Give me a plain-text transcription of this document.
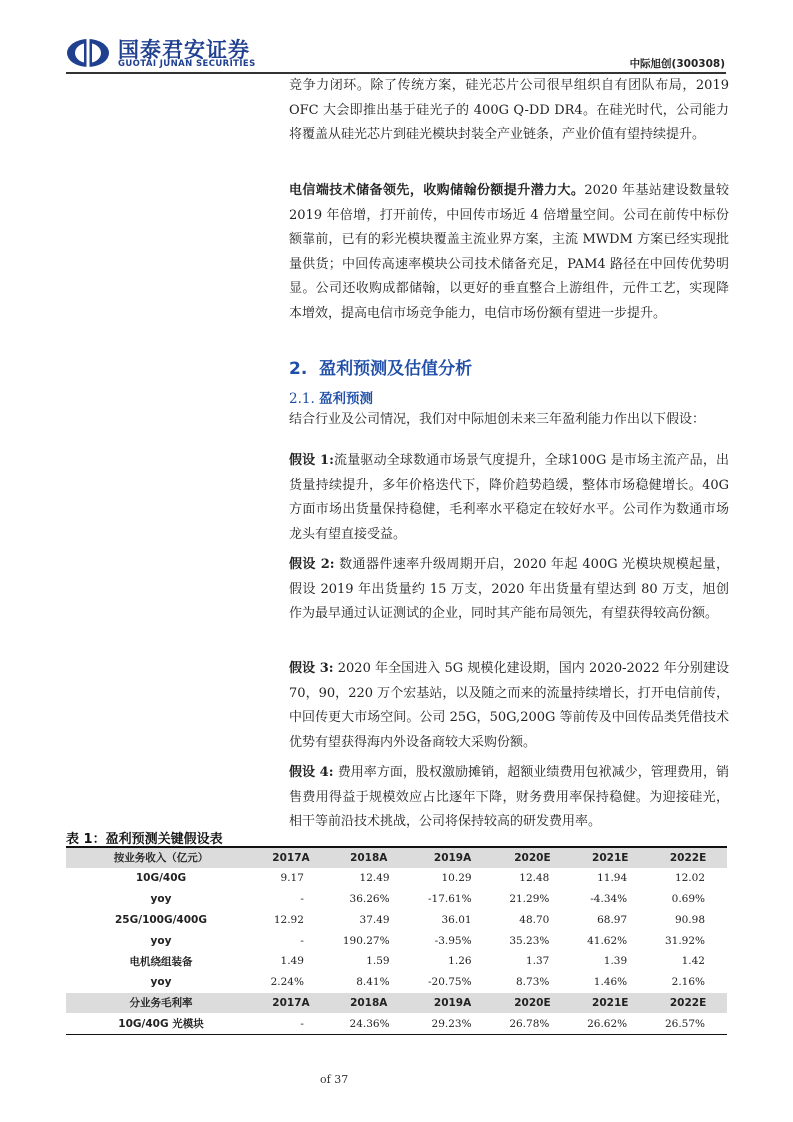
国泰君安证券
GUOTAI JUNAN SECURITIES	中际旭创(300308)

竞争力闭环。除了传统方案，硅光芯片公司很早组织自有团队布局，2019 OFC 大会即推出基于硅光子的 400G Q-DD DR4。在硅光时代，公司能力将覆盖从硅光芯片到硅光模块封装全产业链条，产业价值有望持续提升。

电信端技术储备领先，收购储翰份额提升潜力大。2020 年基站建设数量较 2019 年倍增，打开前传，中回传市场近 4 倍增量空间。公司在前传中标份额靠前，已有的彩光模块覆盖主流业界方案，主流 MWDM 方案已经实现批量供货；中回传高速率模块公司技术储备充足，PAM4 路径在中回传优势明显。公司还收购成都储翰，以更好的垂直整合上游组件，元件工艺，实现降本增效，提高电信市场竞争能力，电信市场份额有望进一步提升。

2. 盈利预测及估值分析
2.1. 盈利预测

结合行业及公司情况，我们对中际旭创未来三年盈利能力作出以下假设：

假设 1:流量驱动全球数通市场景气度提升，全球100G 是市场主流产品，出货量持续提升，多年价格迭代下，降价趋势趋缓，整体市场稳健增长。40G 方面市场出货量保持稳健，毛利率水平稳定在较好水平。公司作为数通市场龙头有望直接受益。

假设 2: 数通器件速率升级周期开启，2020 年起 400G 光模块规模起量，假设 2019 年出货量约 15 万支，2020 年出货量有望达到 80 万支，旭创作为最早通过认证测试的企业，同时其产能布局领先，有望获得较高份额。

假设 3: 2020 年全国进入 5G 规模化建设期，国内 2020-2022 年分别建设 70，90，220 万个宏基站，以及随之而来的流量持续增长，打开电信前传，中回传更大市场空间。公司 25G，50G,200G 等前传及中回传品类凭借技术优势有望获得海内外设备商较大采购份额。

假设 4: 费用率方面，股权激励摊销，超额业绩费用包袱减少，管理费用，销售费用得益于规模效应占比逐年下降，财务费用率保持稳健。为迎接硅光，相干等前沿技术挑战，公司将保持较高的研发费用率。

表 1：盈利预测关键假设表
按业务收入（亿元）	2017A	2018A	2019A	2020E	2021E	2022E
10G/40G	9.17	12.49	10.29	12.48	11.94	12.02
yoy	-	36.26%	-17.61%	21.29%	-4.34%	0.69%
25G/100G/400G	12.92	37.49	36.01	48.70	68.97	90.98
yoy	-	190.27%	-3.95%	35.23%	41.62%	31.92%
电机绕组装备	1.49	1.59	1.26	1.37	1.39	1.42
yoy	2.24%	8.41%	-20.75%	8.73%	1.46%	2.16%
分业务毛利率	2017A	2018A	2019A	2020E	2021E	2022E
10G/40G 光模块	-	24.36%	29.23%	26.78%	26.62%	26.57%
of 37
